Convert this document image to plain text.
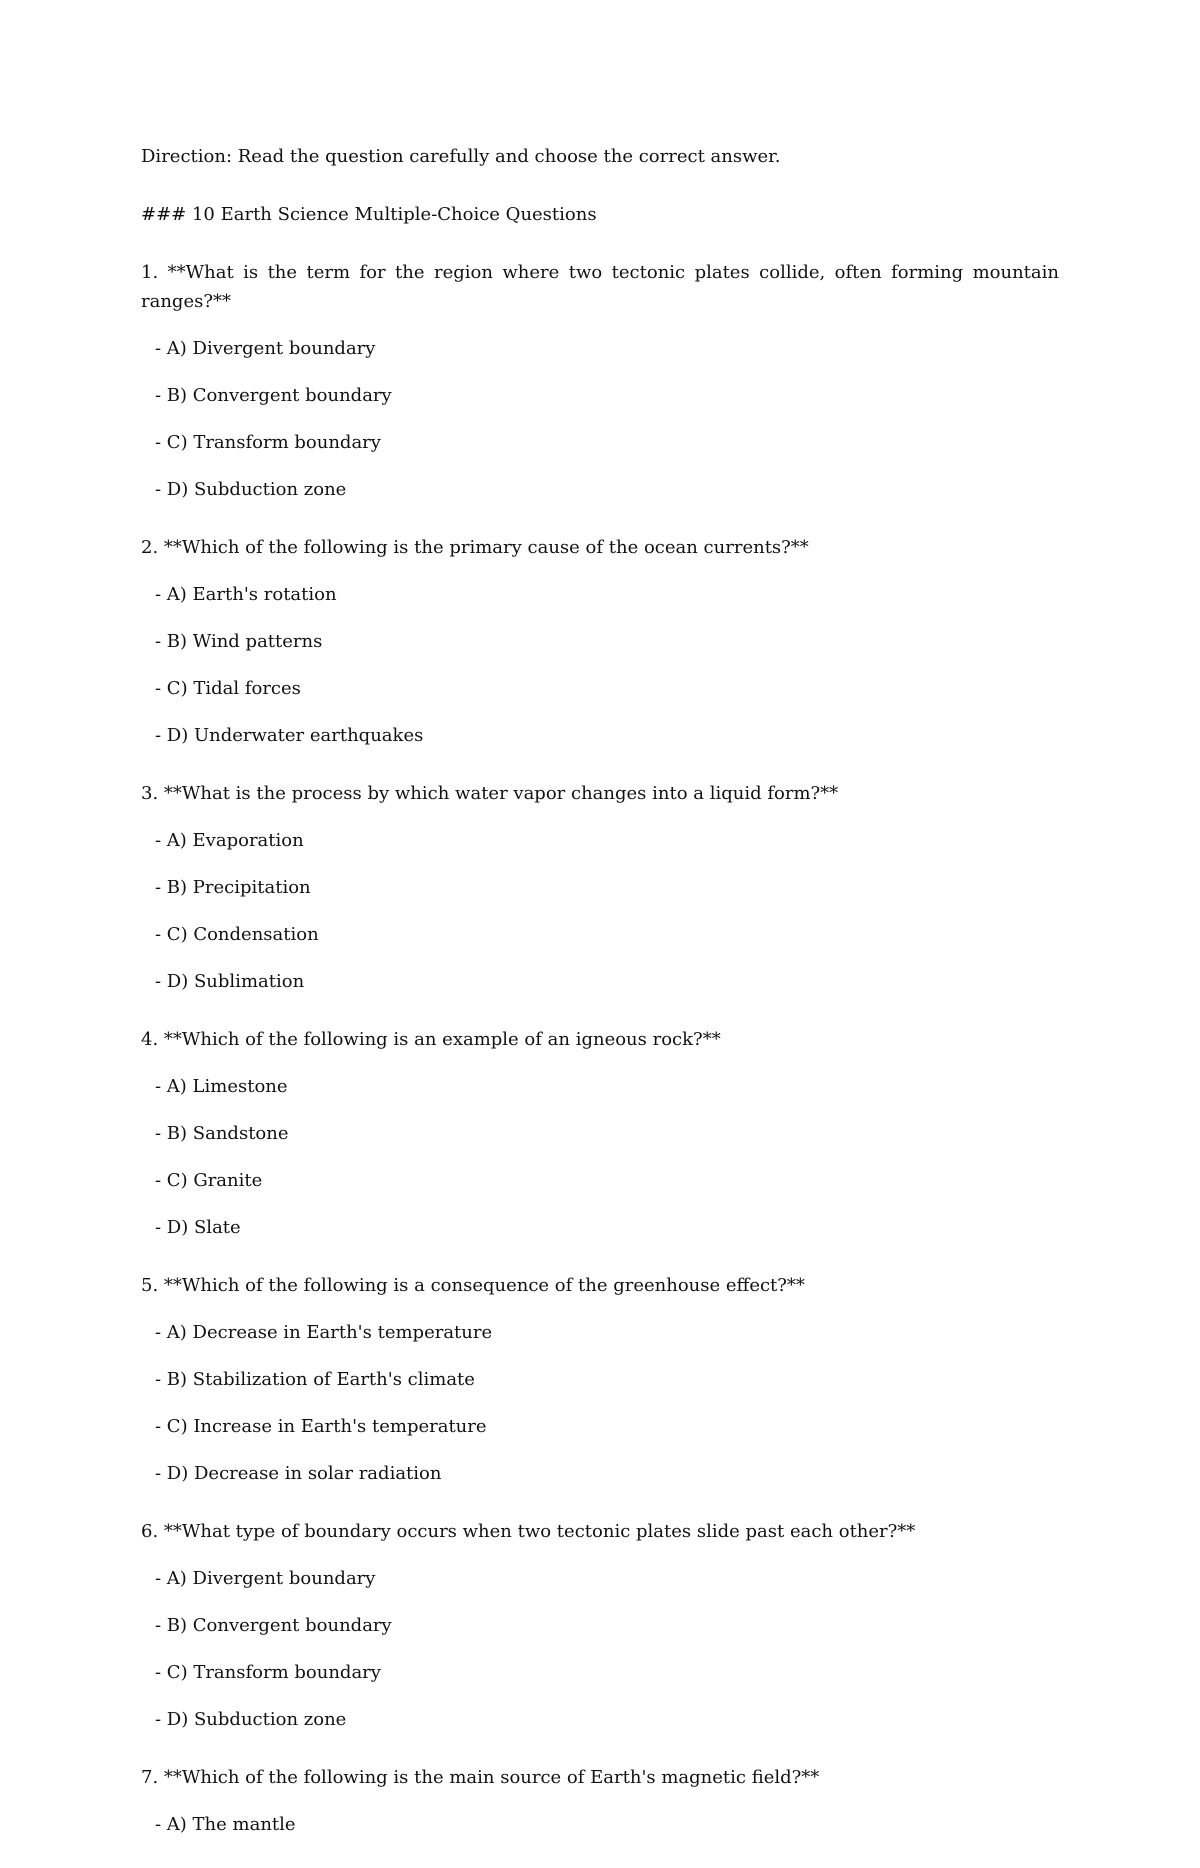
Direction: Read the question carefully and choose the correct answer.

### 10 Earth Science Multiple-Choice Questions

1. **What is the term for the region where two tectonic plates collide, often forming mountain ranges?**

- A) Divergent boundary

- B) Convergent boundary

- C) Transform boundary

- D) Subduction zone

2. **Which of the following is the primary cause of the ocean currents?**

- A) Earth's rotation

- B) Wind patterns

- C) Tidal forces

- D) Underwater earthquakes

3. **What is the process by which water vapor changes into a liquid form?**

- A) Evaporation

- B) Precipitation

- C) Condensation

- D) Sublimation

4. **Which of the following is an example of an igneous rock?**

- A) Limestone

- B) Sandstone

- C) Granite

- D) Slate

5. **Which of the following is a consequence of the greenhouse effect?**

- A) Decrease in Earth's temperature

- B) Stabilization of Earth's climate

- C) Increase in Earth's temperature

- D) Decrease in solar radiation

6. **What type of boundary occurs when two tectonic plates slide past each other?**

- A) Divergent boundary

- B) Convergent boundary

- C) Transform boundary

- D) Subduction zone

7. **Which of the following is the main source of Earth's magnetic field?**

- A) The mantle
